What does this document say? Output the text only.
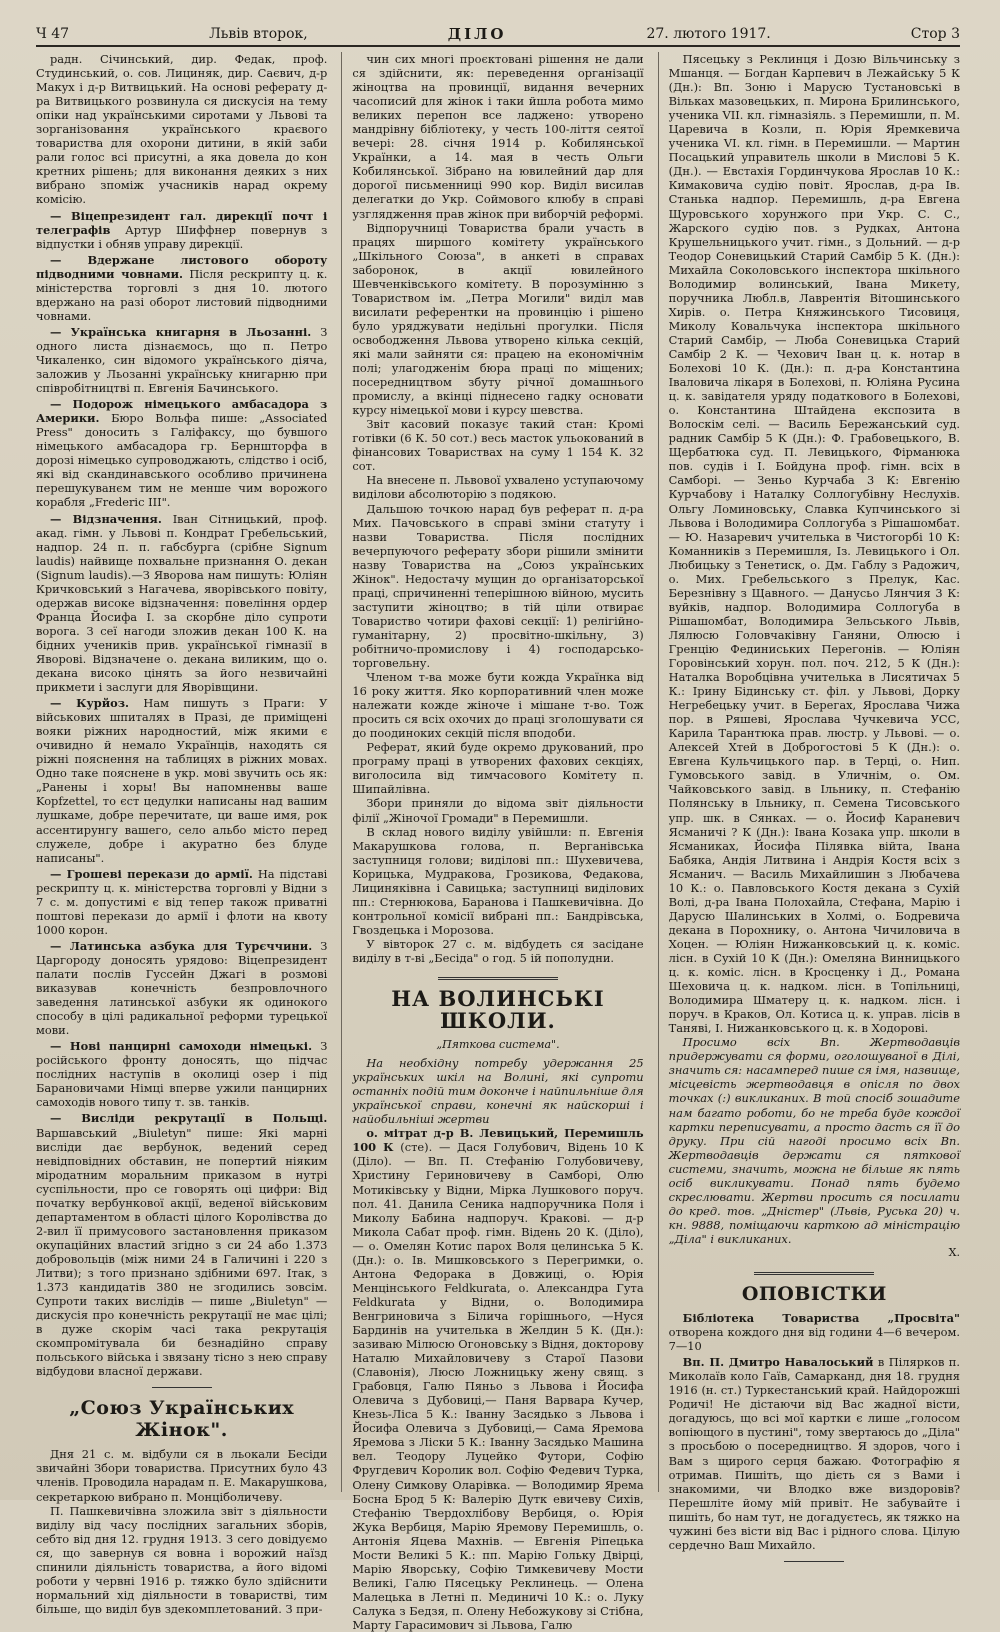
Ч 47	Львів второк,	ДІЛО	27. лютого 1917.	Стор 3

радн. Січинський, дир. Федак, проф. Студинський, о. сов. Лициняк, дир. Саєвич, д-р Макух і д-р Витвицький. На основі реферату д-ра Витвицького розвинула ся дискусія на тему опіки над українськими сиротами у Львові та зорганізовання українського краєвого товариства для охорони дитини, в якій заби рали голос всі присутні, а яка довела до кон кретних рішень; для виконання деяких з них вибрано зпоміж учасників нарад окрему комісію.

— Віцепрезидент гал. дирекції почт і телеграфів Артур Шиффнер повернув з відпустки і обняв управу дирекції.

— Вдержане листового обороту підводними човнами. Після рескрипту ц. к. міністерства торговлі з дня 10. лютого вдержано на разі оборот листовий підводними човнами.

— Українська книгарня в Льозанні. З одного листа дізнаємось, що п. Петро Чикаленко, син відомого українського діяча, заложив у Льозанні українську книгарню при співробітництві п. Евгенія Бачинського.

— Подорож німецького амбасадора з Америки. Бюро Вольфа пише: „Associated Press" доносить з Галіфаксу, що бувшого німецького амбасадора гр. Берншторфа в дорозі німецько супроводжають, слідство і осіб, які від скандинавського особливо причинена перешукуванєм тим не менше чим ворожого корабля „Frederic III".

— Відзначення. Іван Сітницький, проф. акад. гімн. у Львові п. Кондрат Гребельський, надпор. 24 п. п. габсбурга (срібне Signum laudis) найвище похвальне признання О. декан (Signum laudis).—З Яворова нам пишуть: Юліян Кричковський з Нагачева, яворівського повіту, одержав високе відзначення: повеління ордер Франца Йосифа І. за скорбне діло супроти ворога. З сеї нагоди зложив декан 100 К. на бідних учеників прив. української гімназії в Яворові. Відзначене о. декана виликим, що о. декана високо цінять за його незвичайні прикмети і заслуги для Яворівщини.

— Курйоз. Нам пишуть з Праги: У військових шпиталях в Празі, де приміщені вояки ріжних народностий, між якими є очивидно й немало Українців, находять ся ріжні пояснення на таблицях в ріжних мовах. Одно таке пояснене в укр. мові звучить ось як: „Ранены і хоры! Вы напомненвы ваше Kopfzettel, то єст цедулки написаны над вашим лушкаме, добре перечитате, ци ваше имя, рок ассентирунгу вашего, село альбо місто перед служеле, добре і акуратно без блуде написаны".

— Грошеві перекази до армії. На підставі рескрипту ц. к. міністерства торговлі у Відни з 7 с. м. допустимі є від тепер також приватні поштові перекази до армії і флоти на квоту 1000 корон.

— Латинська азбука для Турєччини. З Царгороду доносять урядово: Віцепрезидент палати послів Гуссейн Джагі в розмові виказував конечність безпровлочного заведення латинської азбуки як одинокого способу в цілі радикальної реформи турецької мови.

— Нові панцирні самоходи німецькі. З російського фронту доносять, що підчас послідних наступів в околиці озер і під Барановичами Німці вперве ужили панцирних самоходів нового типу т. зв. танків.

— Висліди рекрутації в Польщі. Варшавський „Biuletyn" пише: Які марні висліди дає вербунок, ведений серед невідповідних обставин, не попертий ніяким мірoдатним моральним приказом в нутрі суспільности, про се говорять оці цифри: Від початку вербункової акції, веденої військовим департаментом в області цілого Королівства до 2-вил її примусового застановлення приказом окупаційних властий згідно з си 24 або 1.373 добровольців (між ними 24 в Галичині і 220 з Литви); з того признано здібними 697. Ітак, з 1.373 кандидатів 380 не згодились зовсім. Супроти таких вислідів — пише „Biuletyn" — дискусія про конечність рекрутації не має цілі; в дуже скорім часі така рекрутація скомпромітувала би безнадійно справу польського війська і звязану тісно з нею справу відбудови власної держави.

„Союз Українських Жінок".

Дня 21 с. м. відбули ся в льокали Бесіди звичайні Збори товариства. Присутних було 43 членів. Проводила нарадам п. Е. Макарушкова, секретаркою вибрано п. Монціболичеву.

П. Пашкевичівна зложила звіт з діяльности виділу від часу послідних загальних зборів, себто від дня 12. грудня 1913. З сего довідуємо ся, що завернув ся вовна і ворожий наїзд спинили діяльність товариства, а його відомі роботи у червні 1916 р. тяжко було здійснити нормальний хід діяльности в товаристві, тим більше, що виділ був здекомплетований. З при-

чин сих многі проєктовані рішення не дали ся здійснити, як: переведення організації жіноцтва на провинції, видання вечерних часописий для жінок і таки йшла робота мимо великих перепон все ладжено: утворено мандрівну бібліотеку, у честь 100-ліття сеятої вечері: 28. січня 1914 р. Кобилянської Українки, а 14. мая в честь Ольги Кобилянської. Зібрано на ювилейний дар для дорогої письменниці 990 кор. Виділ висилав делегатки до Укр. Соймового клюбу в справі узглядження прав жінок при виборчій реформі.

Відпоручниці Товариства брали участь в працях ширшого комітету українського „Шкільного Союза", в анкеті в справах заборонок, в акції ювилейного Шевченківського комітету. В порозумінню з Товариством ім. „Петра Могили" виділ мав висилати референтки на провинцію і рішено було уряджувати недільні прогулки. Після освободження Львова утворено кілька секцій, які мали зайняти ся: працею на економічнім полі; улагодженім бюра праці по міщених; посередництвом збуту річної домашнього промислу, а вкінці піднесено гадку основати курсу німецької мови і курсу шевства.

Звіт касовий показує такий стан: Кромі готівки (6 К. 50 сот.) весь масток ульокований в фінансових Товариствах на суму 1 154 К. 32 сот.

На внесене п. Львової ухвалено уступаючому виділови абсолюторію з подякою.

Дальшою точкою нарад був реферат п. д-ра Мих. Пачовського в справі зміни статуту і назви Товариства. Після послідних вечерпуючого реферату збори рішили змінити назву Товариства на „Союз українських Жінок". Недостачу мущин до організаторської праці, спричиненні теперішною війною, мусить заступити жіноцтво; в тій ціли отвирає Товариство чотири фахові секції: 1) релігійно-гуманітарну, 2) просвітно-шкільну, 3) робітничо-промислову і 4) господарсько-торговельну.

Членом т-ва може бути кожда Українка від 16 року життя. Яко корпоративний член може належати кожде жіноче і мішане т-во. Тож просить ся всіх охочих до праці зголошувати ся до поодиноких секцій після вподоби.

Реферат, який буде окремо друкований, про програму праці в утворених фахових секціях, виголосила від тимчасового Комітету п. Шипайлівна.

Збори приняли до відома звіт діяльности філії „Жіночої Громади" в Перемишли.

В склад нового виділу увійшли: п. Евгенія Макарушкова голова, п. Верганівська заступниця голови; виділові пп.: Шухевичева, Корицька, Мудракова, Грозикова, Федакова, Лициняківна і Савицька; заступниці виділових пп.: Стернюкова, Баранова і Пашкевичівна. До контрольної комісії вибрані пп.: Бандрівська, Гвоздецька і Морозова.

У вівторок 27 с. м. відбудеть ся засідане виділу в т-ві „Бесіда" о год. 5 ій пополудни.

НА ВОЛИНСЬКІ ШКОЛИ.
„Пяткова система".

На необхідну потребу удержання 25 українських шкіл на Волині, які супроти останніх подій тим доконче і найпильніше для української справи, конечні як найскорші і найобильніші жертви

о. мітрат д-р В. Левицький, Перемишль 100 К (сте). — Дася Голубович, Відень 10 К (Діло). — Вп. П. Стефанію Голубовичеву, Христину Гериновичеву в Самборі, Олю Мотиківську у Відни, Мірка Лушкового поруч. пол. 41. Данила Сеника надпоручника Поля і Миколу Бабина надпоруч. Краковi. — д-р Микола Сабат проф. гімн. Відень 20 К. (Діло), — о. Омелян Котис парох Воля целинська 5 К. (Дн.): о. Ів. Мишковського з Перегримки, о. Антона Федорака в Довжиці, о. Юрія Менцінського Feldkurata, о. Александра Гута Feldkurata у Відни, о. Володимира Венгриновича з Білича горішнього, —Нуся Бардинів на учителька в Желдин 5 К. (Дн.): зазиваю Мілюсю Огоновську з Відня, докторову Наталю Михайловичеву з Старої Пазови (Славонія), Люсю Ложницьку жену свящ. з Грабовця, Галю Пяньо з Львова і Йосифа Олевича з Дубовиці,— Паня Варварa Кучер, Кнезь-Ліса 5 К.: Іванну Засядько з Львова і Йосифа Олевича з Дубовиці,— Сама Яремова Яремова з Ліски 5 К.: Іванну Засядько Машина вел. Теодору Луцейко Футори, Софію Фругдевич Королик вол. Софію Федевич Турка, Олену Симкову Оларівка. — Володимир Ярема Босна Брод 5 К: Валерію Дутк евичеву Сихів, Стефанію Твердохлібову Вербиця, о. Юрія Жука Вербиця, Марію Яремову Перемишль, о. Антонія Яцева Махнів. — Евгенія Ріпецька Мости Великі 5 К.: пп. Марію Гольку Двірці, Марію Яворську, Софію Тимкевичеву Мости Великі, Галю Пясецьку Реклинець. — Олена Малецька в Летні п. Мединичі 10 К.: о. Луку Салука з Бедзя, п. Олену Небожукову зі Стібна, Марту Гарасимович зі Львова, Галю

Пясецьку з Реклинця і Дозю Вільчинську з Мшанця. — Богдан Карпевич в Лежайську 5 К (Дн.): Вп. Зоню і Марусю Тустановські в Вільках мазовецьких, п. Мирона Брилинського, ученика VII. кл. гімназіяль. з Перемишли, п. М. Царевича в Козли, п. Юрія Яремкевича ученика VI. кл. гімн. в Перемишли. — Мартин Посацький управитель школи в Мислові 5 К. (Дн.). — Евстахія Гординчукова Ярослав 10 К.: Кимаковича судію повіт. Ярослав, д-ра Ів. Станька надпор. Перемишль, д-ра Евгена Щуровського хорунжого при Укр. С. С., Жарского судію пов. з Рудках, Антона Крушельницького учит. гімн., з Дольний. — д-р Теодор Соневицький Старий Самбір 5 К. (Дн.): Михайла Соколовського інспектора шкільного Володимир волинський, Івана Микету, поручника Любл.в, Лаврентія Вітошинського Хирів. о. Петра Княжинського Тисовиця, Миколу Ковальчука інспектора шкільного Старий Самбір, — Люба Соневицька Старий Самбір 2 К. — Чехович Іван ц. к. нотар в Болехові 10 К. (Дн.): п. д-ра Константина Іваловича лікаря в Болехові, п. Юліяна Русина ц. к. завідателя уряду податкового в Болехові, о. Константина Штайдена експозита в Волоскім селі. — Василь Бережанський суд. радник Самбір 5 К (Дн.): Ф. Грабовецького, В. Щербатюка суд. П. Левицького, Фірманюка пов. судів і І. Бойдуна проф. гімн. всіх в Самборі. — Зеньо Курчаба 3 К: Евгенію Курчабову і Наталку Соллогубівну Неслухів. Ольгу Ломиновську, Славка Купчинського зі Львова і Володимира Соллогуба з Рішашомбат. — Ю. Назаревич учителька в Чистогорбі 10 К: Команників з Перемишля, Із. Левицького і Ол. Любицьку з Тенетиск, о. Дм. Габлу з Радожич, о. Мих. Гребельського з Прелук, Кас. Березнівну з Щавного. — Данусьо Лянчия 3 К: вуйків, надпор. Володимира Соллогуба в Рішашомбат, Володимира Зельського Львів, Лялюсю Головчаківну Ганяни, Олюсю і Гренцію Фединиських Перегонів. — Юліян Горовінський хорун. пол. поч. 212, 5 К (Дн.): Наталка Воробцівна учителька в Лисятичах 5 К.: Ірину Бідинську ст. філ. у Львові, Дорку Негребецьку учит. в Берегах, Ярослава Чижа пор. в Ряшеві, Ярослава Чучкевича УСС, Карила Тарантюка прав. люстр. у Львові. — о. Алексей Хтей в Доброгостові 5 К (Дн.): о. Евгена Кульчицького пар. в Терці, о. Нип. Гумовського завід. в Уличнім, о. Ом. Чайковського завід. в Ільнику, п. Стефанію Полянську в Ільнику, п. Семена Тисовського упр. шк. в Сянках. — о. Йосиф Караневич Ясманичі ? К (Дн.): Івана Козака упр. школи в Ясманиках, Йосифа Пілявка війта, Івана Бабяка, Андія Литвина і Андрія Костя всіх з Ясманич. — Василь Михайлишин з Любачева 10 К.: о. Павловського Костя декана з Сухій Волі, д-ра Івана Полохайла, Стефана, Марію і Дарусю Шалинських в Холмі, о. Бодревича декана в Порохнику, о. Антона Чичиловича в Хоцен. — Юліян Нижанковський ц. к. коміс. лісн. в Сухій 10 К (Дн.): Омеляна Винницького ц. к. коміс. лісн. в Кросценку і Д., Романа Шеховича ц. к. надком. лісн. в Топільниці, Володимира Шматеру ц. к. надком. лісн. і поруч. в Краков, Ол. Котиса ц. к. управ. лісів в Таняві, І. Нижанковського ц. к. в Ходорові.

Просимо всіх Вп. Жертводавців придержувати ся форми, оголошуваної в Ділі, значить ся: насамперед пише ся імя, назвище, місцевість жертводавця в опісля по двох точках (:) викликаних. В той спосіб зошадите нам багато роботи, бо не треба буде кождої картки переписувати, а просто дасть ся її до друку. При сій нагоді просимо всіх Вп. Жертводавців держати ся пяткової системи, значить, можна не більше як пять осіб викликувати. Понад пять будемо скреслювати. Жертви просить ся посилати до кред. тов. „Дністер" (Львів, Руська 20) ч. кн. 9888, поміщаючи карткою ад міністрацію „Діла" і викликаних.

X.
ОПОВІСТКИ

Бібліотека Товариства „Просвіта" отворена кождого дня від години 4—6 вечером. 7—10

Вп. П. Дмитро Навалоський в Пілярков п. Миколаїв коло Гаїв, Самарканд, дня 18. грудня 1916 (н. ст.) Туркестанський край. Найдорожші Родичі! Не дістаючи від Вас жадної вісти, догадуюсь, що всі мої картки є лише „голосом вопіющого в пустині", тому звертаюсь до „Діла" з просьбою о посередництво. Я здоров, чого і Вам з щирого серця бажаю. Фотографію я отримав. Пишіть, що дієть ся з Вами і знакомими, чи Влодко вже виздоровів? Перешліте йому мій привіт. Не забувайте і пишіть, бо нам тут, не догадуєтесь, як тяжко на чужині без вісти від Вас і рідного слова. Цілую сердечно Ваш Михайло.
